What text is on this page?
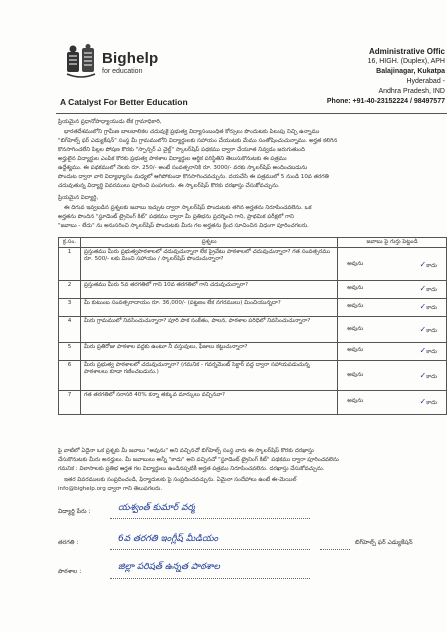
Bighelp
for education
A Catalyst For Better Education
Administrative Offic
16, HIGH. (Duplex), APH
Balajinagar, Kukatpa
Hyderabad -
Andhra Pradesh, IND
Phone: +91-40-23152224 / 98497577
ప్రియమైన ప్రధానోపాధ్యాయుడు లేక గ్రామాధికారి,
భారతదేశములోని గ్రామీణ బాలబాలికల చదువుకై ప్రభుత్వ విద్యాసంబంధిత కోర్సులు పొందుటకు పిలుపు నిచ్చి ఉన్నాము
"బిగ్‌హెల్ప్ ఫర్ ఎడ్యుకేషన్" సంస్థ మీ గ్రామములోని విద్యార్థులకు సహాయం చేయుటకు మేము సంతోషించుచున్నాము. అర్హత కలిగిన
కొనసాగించలేని పిల్లల పోషణ కొరకు "స్పాన్సర్ ఎ చైల్డ్" స్కాలర్‌షిప్ పథకము ద్వారా చేయూత నివ్వడం జరుగుతుంది
అర్హులైన విద్యార్థుల ఎంపిక కొరకు ప్రభుత్వ పాఠశాల విద్యార్థుల ఆర్థిక పరిస్థితిని తెలుసుకొనుటకు ఈ పత్రము
ఉద్దేశ్యము. ఈ పథకములో నెలకు రూ. 250/- అంటే సంవత్సరానికి రూ. 3000/- వరకు స్కాలర్‌షిప్ అందించబడును
పొందుట ద్వారా వారి విద్యాభ్యాసం మధ్యలో ఆగిపోకుండా కొనసాగించవచ్చును. దయచేసి ఈ పత్రములో 5 నుండి 10వ తరగతి
చదువుతున్న విద్యార్థి వివరములు పూరించి పంపగలరు. ఈ స్కాలర్‌షిప్ కొరకు దరఖాస్తు చేసుకోవచ్చును.
ప్రియమైన విద్యార్థి,
ఈ దిగువ ఇవ్వబడిన ప్రశ్నలకు జవాబు ఇచ్చుట ద్వారా స్కాలర్‌షిప్ పొందుటకు తగిన అర్హతను నిరూపించవలెను. ఒక
అర్హతను పొందిన "స్టూడెంట్ ట్రైనింగ్ కిట్" పథకము ద్వారా మీ ప్రతిభను ప్రదర్శించి గాని, ప్రాథమిక పరీక్షలో గాని
"జవాబు - లేదు" ను అనుసరించి స్కాలర్‌షిప్ పొందుటకు మీరు గల అర్హతను క్రింద సూచించిన విధంగా పూరించగలరు.
క్ర.సం.	ప్రశ్నలు	జవాబు పై గుర్తు పెట్టండి
1	ప్రస్తుతము మీరు ప్రభుత్వపాఠశాలలో చదువుచున్నారా లేక ప్రైవేటు పాఠశాలలో చదువుచున్నారా? గత సంవత్సరము రూ. 500/- లకు మించి సహాయం / స్కాలర్‌షిప్ పొందుచున్నారా?	అవును ✓కాదు

2	ప్రస్తుతము మీరు 5వ తరగతిలో గాని 10వ తరగతిలో గాని చదువుచున్నారా?	అవును ✓కాదు

3	మీ కుటుంబ సంవత్సరాదాయం రూ. 36,000/- (పట్టణం లేక నగరములు) మించియున్నదా?	అవును ✓కాదు

4	మీరు గ్రామములో నివసించుచున్నారా? పూరి పాక సంకేతం, పాలన, పాఠశాల పరిధిలో నివసించుచున్నారా?	అవును ✓కాదు

5	మీరు ప్రతిరోజు పాఠశాల వద్దకు ఉంటూ నీ వస్తువులు, ఫీజులు కట్టుచున్నారా?	అవును ✓కాదు

6	మీరు ప్రభుత్వ పాఠశాలలో చదువుచున్నారా? (గమనిక - గవర్నమెంట్ సెక్టార్ వద్ద ద్వారా సహాయపడుచున్న పాఠశాలలు కూడా గణించబడును.)	అవును ✓కాదు

7	గత తరగతిలో సరాసరి 40% కన్నా తక్కువ మార్కులు వచ్చినవా?	అవును ✓కాదు
పై వాటిలో ఏదైనా ఒక ప్రశ్నకు మీ జవాబు "అవును" అని వచ్చినచో బిగ్‌హెల్ప్ సంస్థ వారు ఈ స్కాలర్‌షిప్ కొరకు దరఖాస్తు
చేసుకొనుటకు మీరు అనర్హులు. మీ జవాబులు అన్నీ "కాదు" అని వచ్చినచో "స్టూడెంట్ ట్రైనింగ్ కిట్" పథకము ద్వారా పూరించవలెను
గమనిక : విలాసాలకు ప్రతిభ ఆర్హత గల విద్యార్థులు ఉండినప్పటికీ అర్హత పత్రము నిరూపించవలెను. దరఖాస్తు చేసుకోవచ్చును.
ఇతర వివరములకు సంప్రదించండి, ఫిర్యాదులకు పై సంప్రదించవచ్చును. ఏమైనా సందేహాలు ఉంటే ఈ-మెయిల్
info@bighelp.org ద్వారా గాని తెలుపగలరు.
విద్యార్థి పేరు :	యశ్వంత్ కుమార్ వర్మ
తరగతి :	6వ తరగతి ఇంగ్లీష్ మీడియం
పాఠశాల :	జిల్లా పరిషత్ ఉన్నత పాఠశాల
బిగ్‌హెల్ప్ ఫర్ ఎడ్యుకేషన్
